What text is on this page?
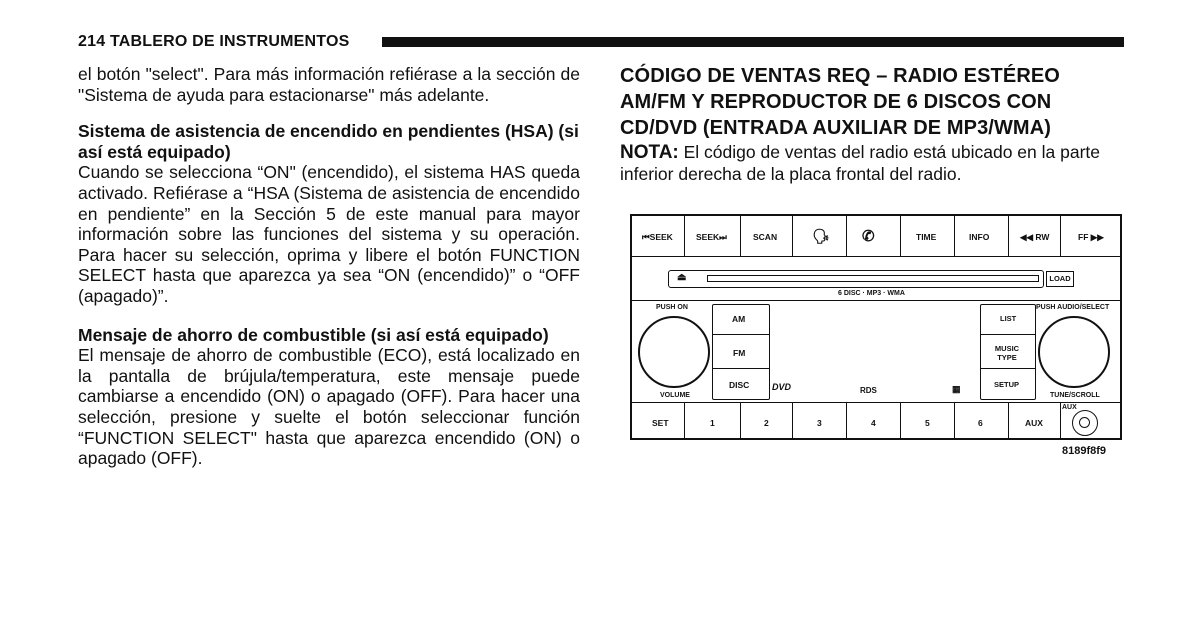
214 TABLERO DE INSTRUMENTOS

el botón "select". Para más información refiérase a la sección de "Sistema de ayuda para estacionarse" más adelante.

Sistema de asistencia de encendido en pendientes (HSA) (si así está equipado)

Cuando se selecciona “ON" (encendido), el sistema HAS queda activado. Refiérase a “HSA (Sistema de asistencia de encendido en pendiente” en la Sección 5 de este manual para mayor información sobre las funciones del sistema y su operación. Para hacer su selección, oprima y libere el botón FUNCTION SELECT hasta que aparezca ya sea “ON (encendido)” o “OFF (apagado)”.

Mensaje de ahorro de combustible (si así está equipado)

El mensaje de ahorro de combustible (ECO), está localizado en la pantalla de brújula/temperatura, este mensaje puede cambiarse a encendido (ON) o apagado (OFF). Para hacer una selección, presione y suelte el botón seleccionar función “FUNCTION SELECT" hasta que aparezca encendido (ON) o apagado (OFF).

CÓDIGO DE VENTAS REQ – RADIO ESTÉREO AM/FM Y REPRODUCTOR DE 6 DISCOS CON CD/DVD (ENTRADA AUXILIAR DE MP3/WMA)

NOTA: El código de ventas del radio está ubicado en la parte inferior derecha de la placa frontal del radio.

⏮SEEK	SEEK⏭	SCAN 🗣 ✆	TIME	INFO	◀◀ RW	FF ▶▶
⏏	LOAD
6 DISC · MP3 · WMA
PUSH ON
VOLUME
AM
FM
DISC	DVD	RDS	▦
LIST
MUSIC TYPE
SETUP
PUSH AUDIO/SELECT
TUNE/SCROLL
SET	1	2	3	4	5	6	AUX
AUX
8189f8f9
